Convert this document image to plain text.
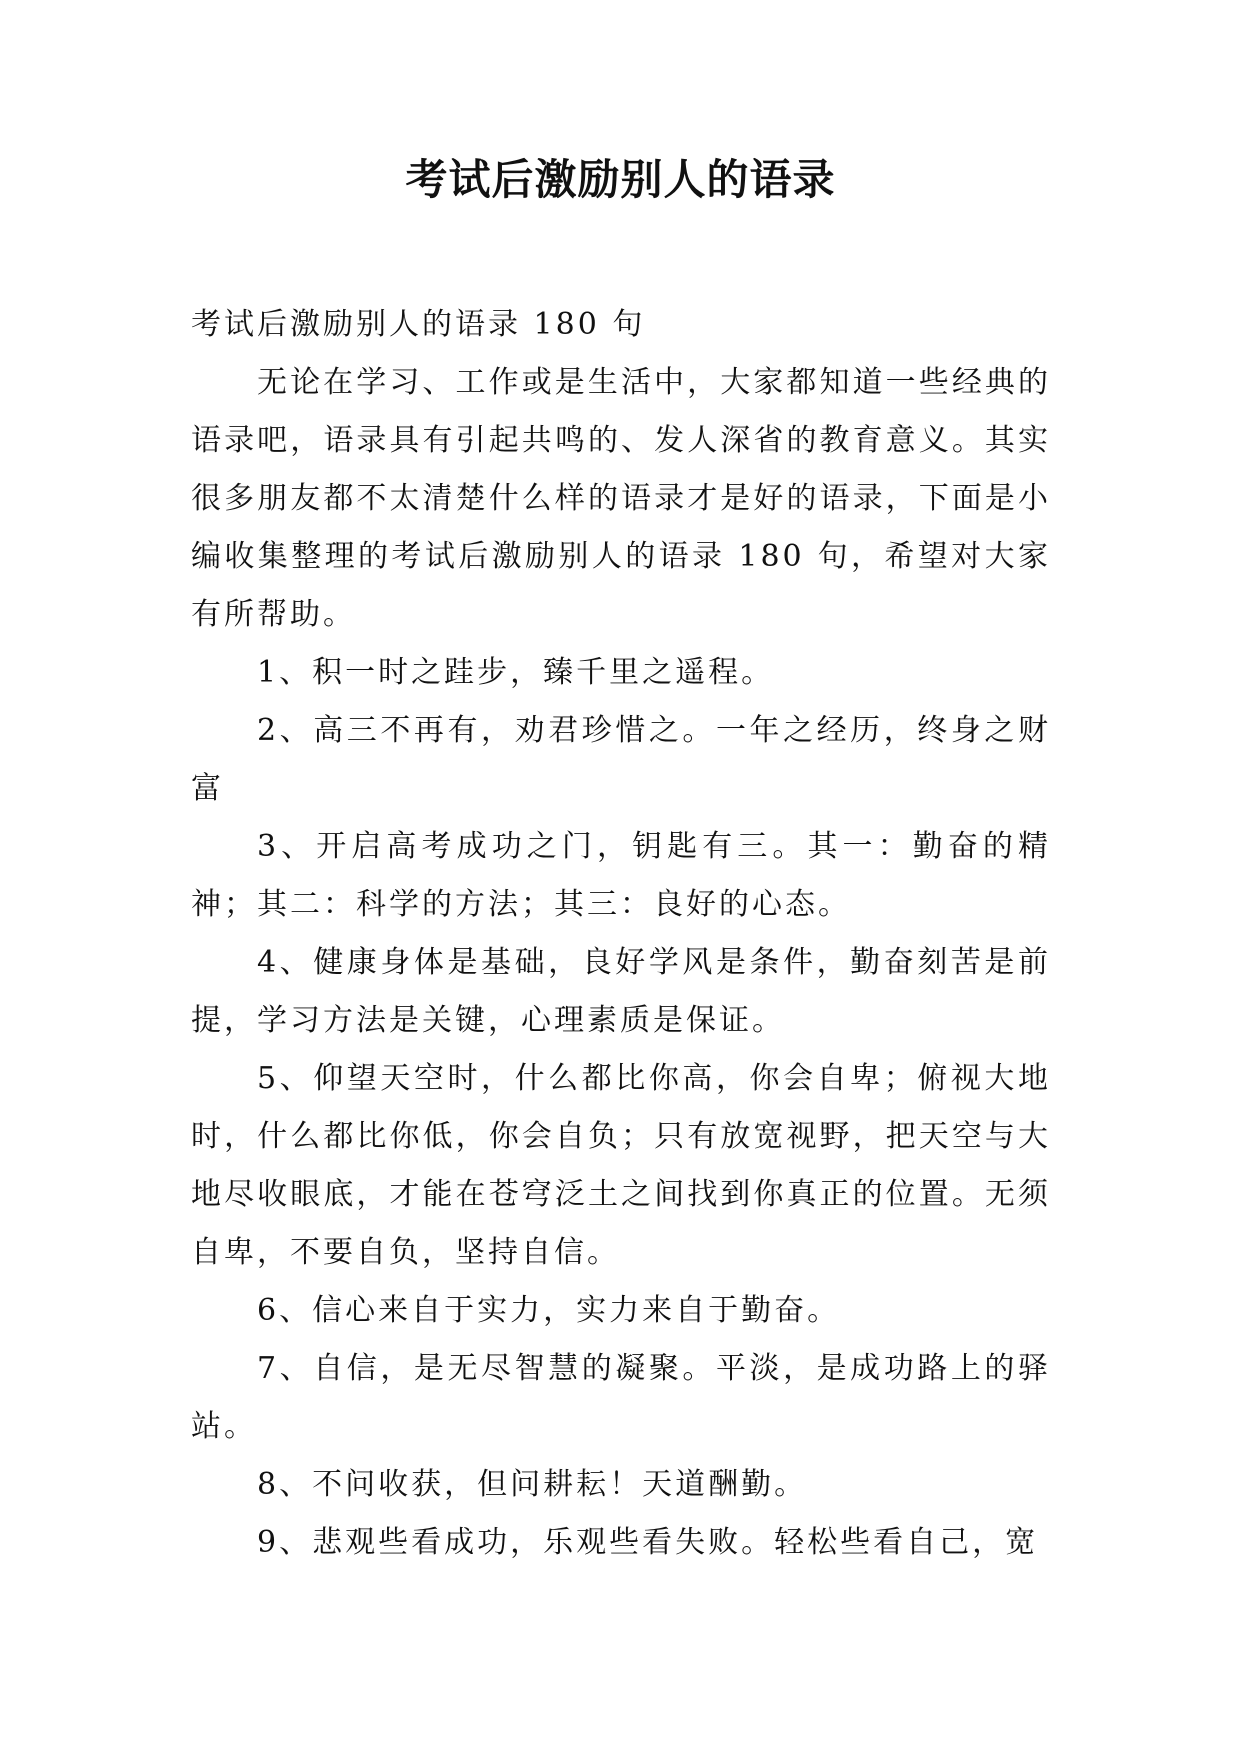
考试后激励别人的语录

考试后激励别人的语录 180 句

无论在学习、工作或是生活中，大家都知道一些经典的语录吧，语录具有引起共鸣的、发人深省的教育意义。其实很多朋友都不太清楚什么样的语录才是好的语录，下面是小编收集整理的考试后激励别人的语录 180 句，希望对大家有所帮助。

1、积一时之跬步，臻千里之遥程。

2、高三不再有，劝君珍惜之。一年之经历，终身之财富

3、开启高考成功之门，钥匙有三。其一：勤奋的精神；其二：科学的方法；其三：良好的心态。

4、健康身体是基础，良好学风是条件，勤奋刻苦是前提，学习方法是关键，心理素质是保证。

5、仰望天空时，什么都比你高，你会自卑；俯视大地时，什么都比你低，你会自负；只有放宽视野，把天空与大地尽收眼底，才能在苍穹泛土之间找到你真正的位置。无须自卑，不要自负，坚持自信。

6、信心来自于实力，实力来自于勤奋。

7、自信，是无尽智慧的凝聚。平淡，是成功路上的驿站。

8、不问收获，但问耕耘！天道酬勤。

9、悲观些看成功，乐观些看失败。轻松些看自己，宽
